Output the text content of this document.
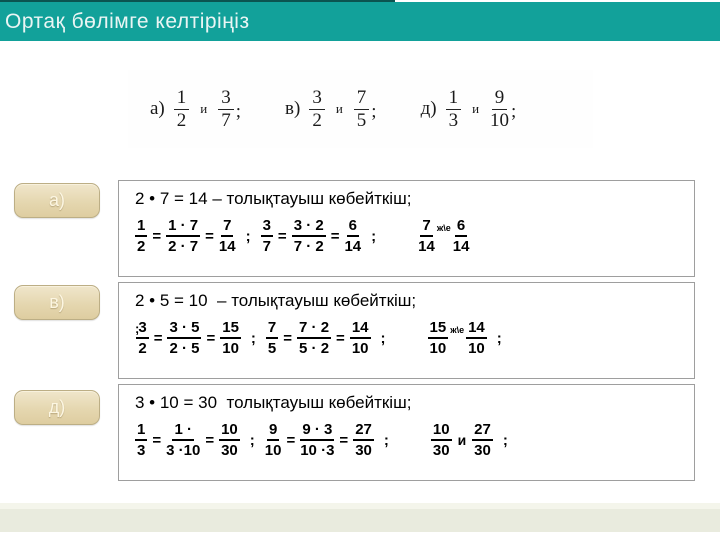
Ортақ бөлімге келтіріңіз
$а) \frac{1}{2}$ и $\frac{3}{7}$ ; $в) \frac{3}{2}$ и $\frac{7}{5}$ ; $д) \frac{1}{3}$ и $\frac{9}{10}$ ;
а)	2 • 7 = 14 – толықтауыш көбейткіш;
$\frac{1}{2} = \frac{1 \cdot 7}{2 \cdot 7} = \frac{7}{14}$ ; $\frac{3}{7} = \frac{3 \cdot 2}{7 \cdot 2} = \frac{6}{14}$ ;	$\frac{7}{14}$ ж\е $\frac{6}{14}$
в)	2 • 5 = 10  – толықтауыш көбейткіш;
;
$\frac{3}{2} = \frac{3 \cdot 5}{2 \cdot 5} = \frac{15}{10}$ ; $\frac{7}{5} = \frac{7 \cdot 2}{5 \cdot 2} = \frac{14}{10}$ ;	$\frac{15}{10}$ ж\е $\frac{14}{10}$ ;
д)	3 • 10 = 30  толықтауыш көбейткіш;
$\frac{1}{3} = \frac{1 \cdot}{3 \cdot 10} = \frac{10}{30}$ ; $\frac{9}{10} = \frac{9 \cdot 3}{10 \cdot 3} = \frac{27}{30}$ ;	$\frac{10}{30}$ и $\frac{27}{30}$ ;
